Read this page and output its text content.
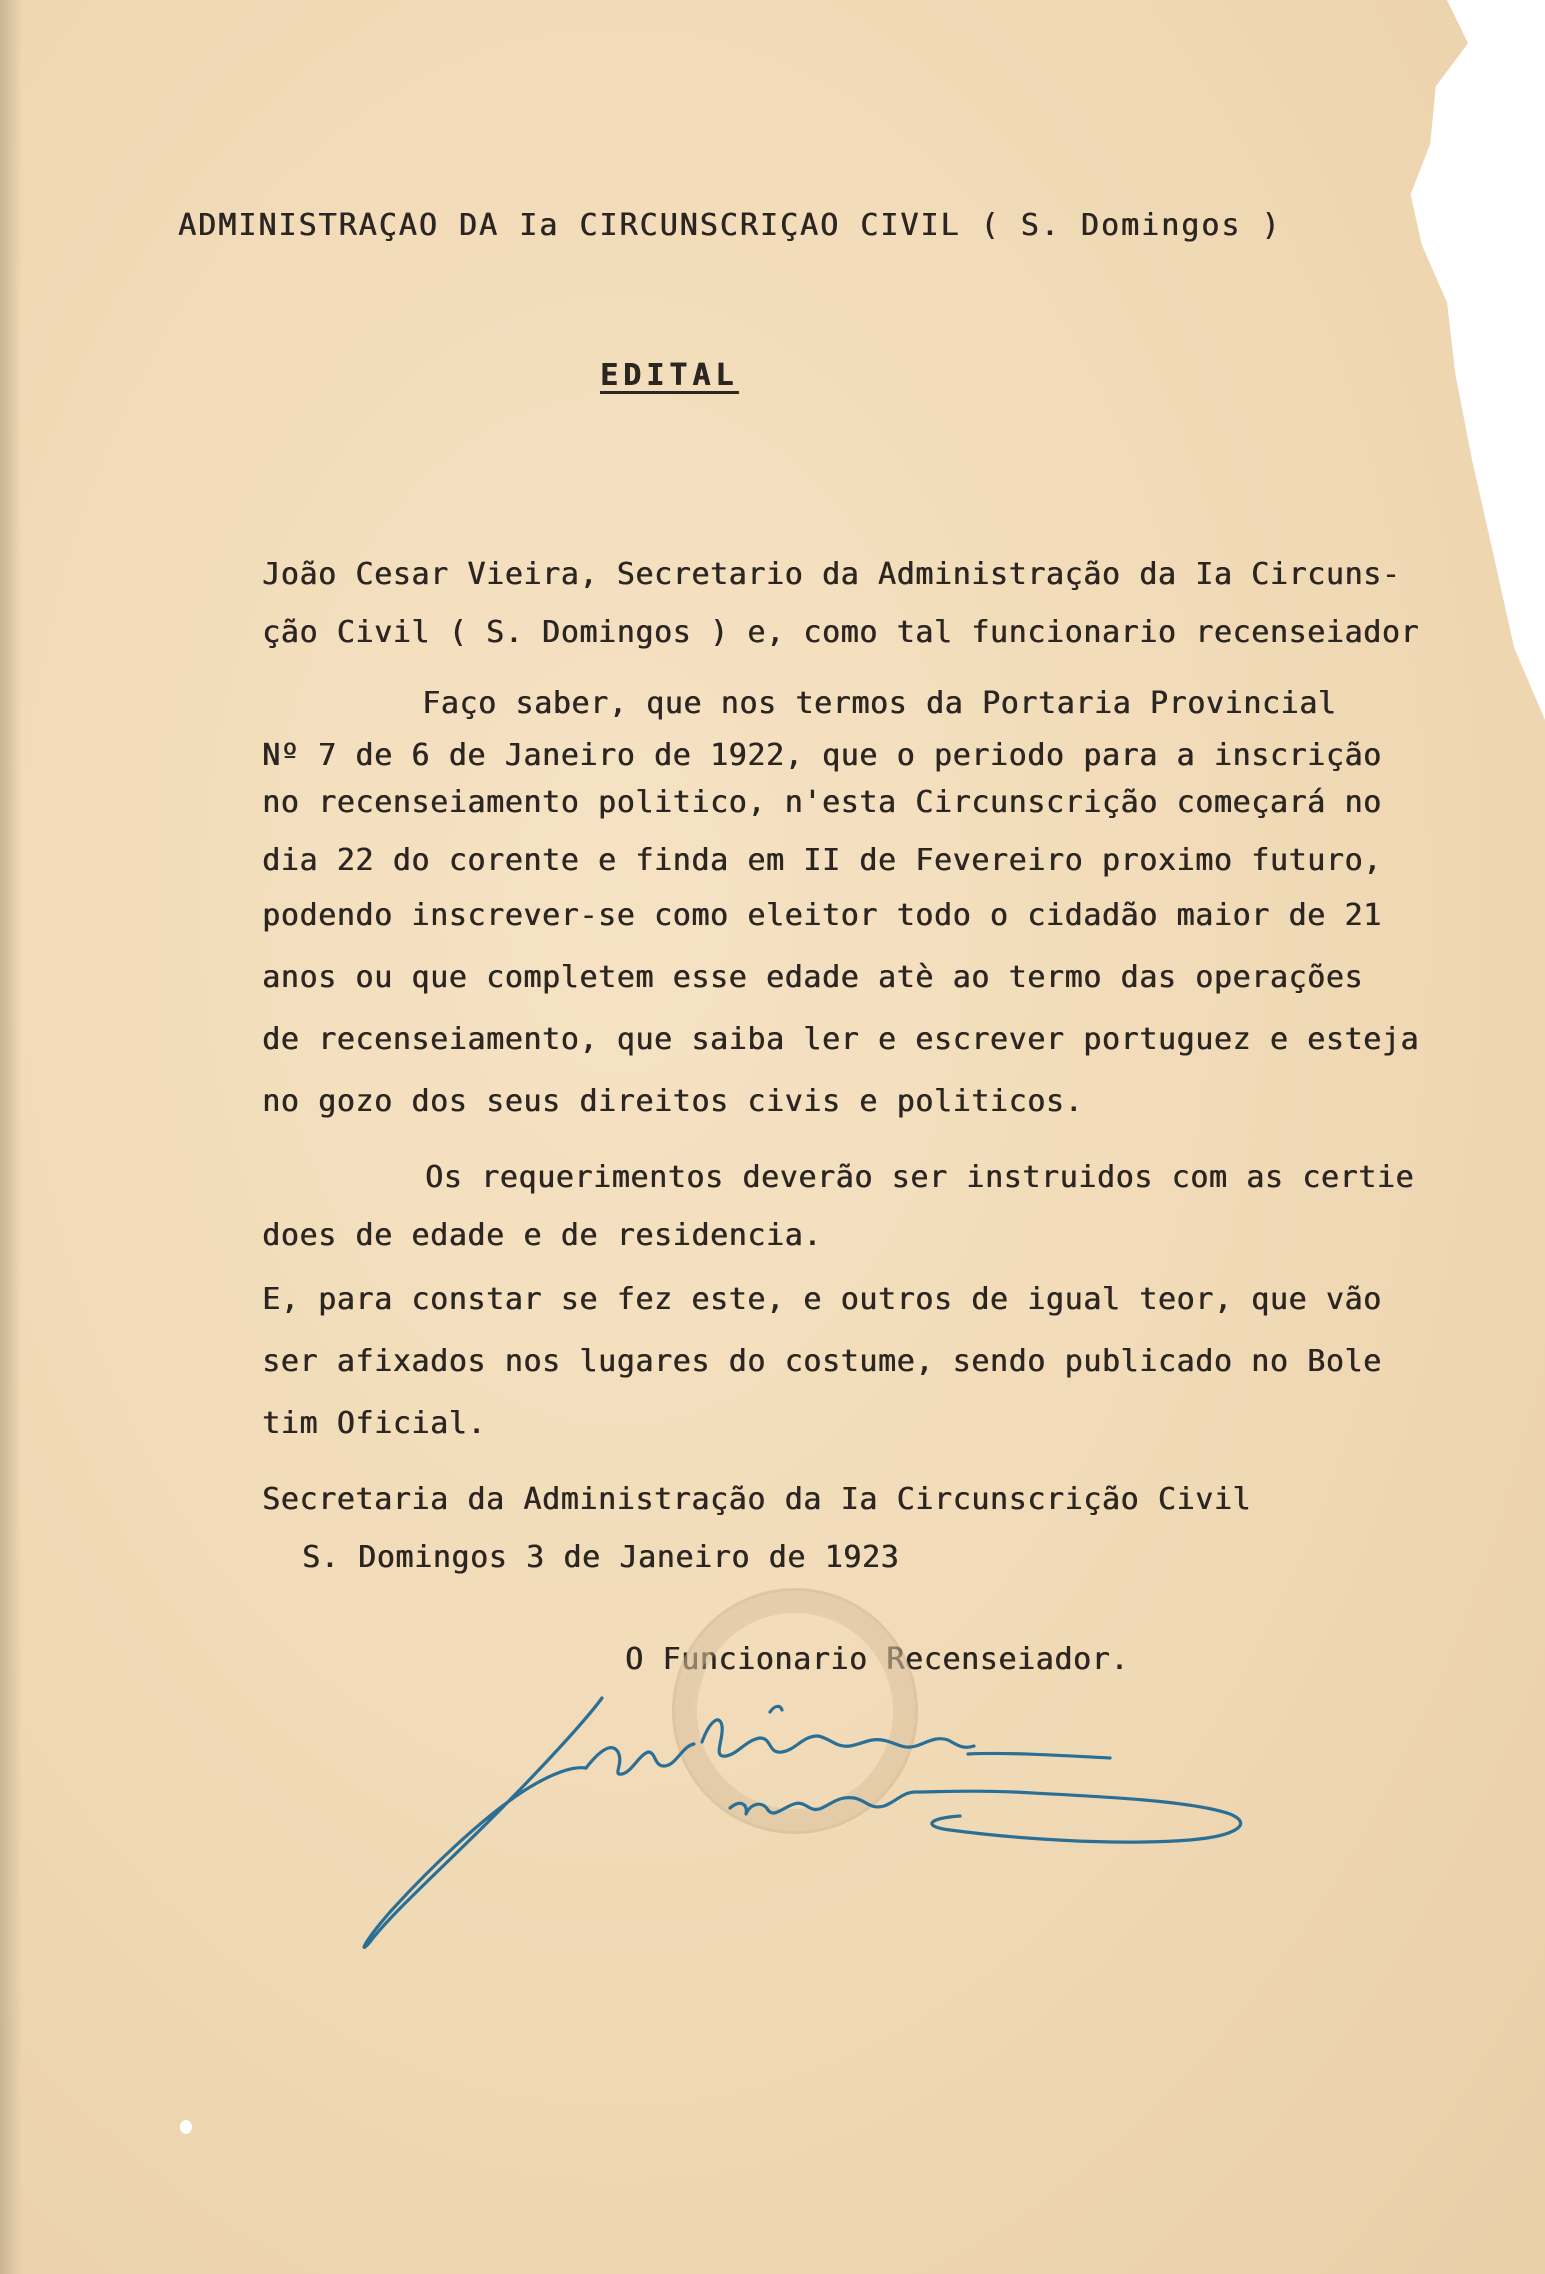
ADMINISTRAÇAO DA Ia CIRCUNSCRIÇAO CIVIL ( S. Domingos )
EDITAL
João Cesar Vieira, Secretario da Administração da Ia Circuns-
ção Civil ( S. Domingos ) e, como tal funcionario recenseiador
Faço saber, que nos termos da Portaria Provincial
Nº 7 de 6 de Janeiro de 1922, que o periodo para a inscrição
no recenseiamento politico, n'esta Circunscrição começará no
dia 22 do corente e finda em II de Fevereiro proximo futuro,
podendo inscrever-se como eleitor todo o cidadão maior de 21
anos ou que completem esse edade atè ao termo das operações
de recenseiamento, que saiba ler e escrever portuguez e esteja
no gozo dos seus direitos civis e politicos.
Os requerimentos deverão ser instruidos com as certie
does de edade e de residencia.
E, para constar se fez este, e outros de igual teor, que vão
ser afixados nos lugares do costume, sendo publicado no Bole
tim Oficial.
Secretaria da Administração da Ia Circunscrição Civil
S. Domingos 3 de Janeiro de 1923
O Funcionario Recenseiador.
